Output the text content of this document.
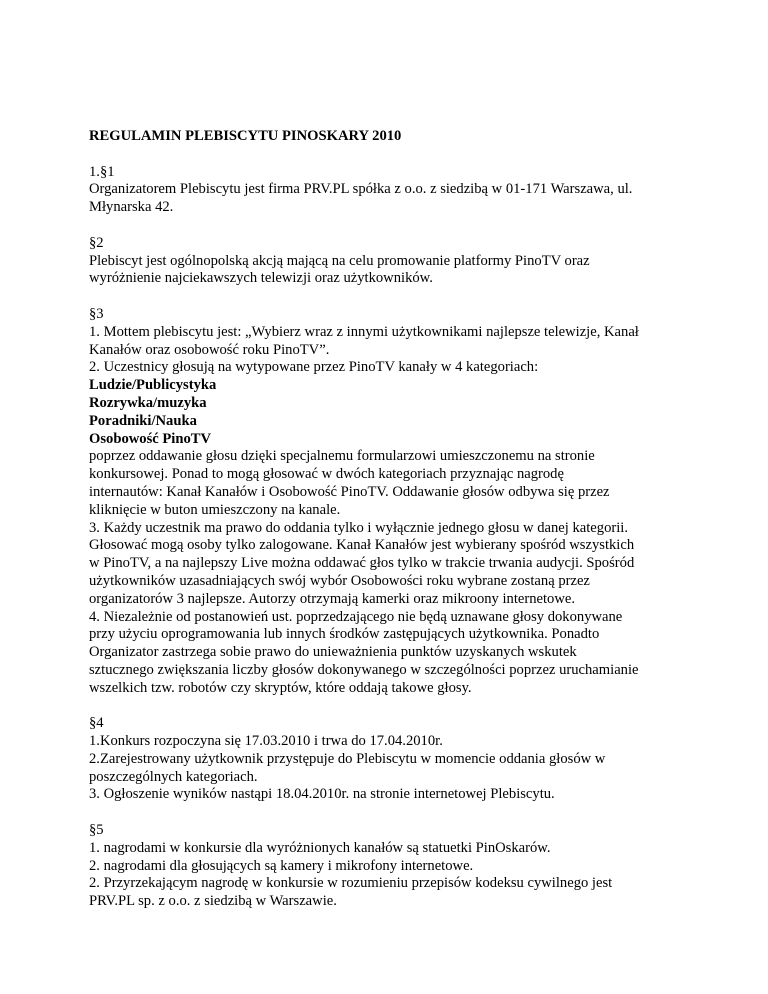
REGULAMIN PLEBISCYTU PINOSKARY 2010
1.§1
Organizatorem Plebiscytu jest firma PRV.PL spółka z o.o. z siedzibą w 01-171 Warszawa, ul.
Młynarska 42.
§2
Plebiscyt jest ogólnopolską akcją mającą na celu promowanie platformy PinoTV oraz
wyróżnienie najciekawszych telewizji oraz użytkowników.
§3
1. Mottem plebiscytu jest: „Wybierz wraz z innymi użytkownikami najlepsze telewizje, Kanał
Kanałów oraz osobowość roku PinoTV”.
2. Uczestnicy głosują na wytypowane przez PinoTV kanały w 4 kategoriach:
Ludzie/Publicystyka
Rozrywka/muzyka
Poradniki/Nauka
Osobowość PinoTV
poprzez oddawanie głosu dzięki specjalnemu formularzowi umieszczonemu na stronie
konkursowej. Ponad to mogą głosować w dwóch kategoriach przyznając nagrodę
internautów: Kanał Kanałów i Osobowość PinoTV. Oddawanie głosów odbywa się przez
kliknięcie w buton umieszczony na kanale.
3. Każdy uczestnik ma prawo do oddania tylko i wyłącznie jednego głosu w danej kategorii.
Głosować mogą osoby tylko zalogowane. Kanał Kanałów jest wybierany spośród wszystkich
w PinoTV, a na najlepszy Live można oddawać głos tylko w trakcie trwania audycji. Spośród
użytkowników uzasadniających swój wybór Osobowości roku wybrane zostaną przez
organizatorów 3 najlepsze. Autorzy otrzymają kamerki oraz mikroony internetowe.
4. Niezależnie od postanowień ust. poprzedzającego nie będą uznawane głosy dokonywane
przy użyciu oprogramowania lub innych środków zastępujących użytkownika. Ponadto
Organizator zastrzega sobie prawo do unieważnienia punktów uzyskanych wskutek
sztucznego zwiększania liczby głosów dokonywanego w szczególności poprzez uruchamianie
wszelkich tzw. robotów czy skryptów, które oddają takowe głosy.
§4
1.Konkurs rozpoczyna się 17.03.2010 i trwa do 17.04.2010r.
2.Zarejestrowany użytkownik przystępuje do Plebiscytu w momencie oddania głosów w
poszczególnych kategoriach.
3. Ogłoszenie wyników nastąpi 18.04.2010r. na stronie internetowej Plebiscytu.
§5
1. nagrodami w konkursie dla wyróżnionych kanałów są statuetki PinOskarów.
2. nagrodami dla głosujących są kamery i mikrofony internetowe.
2. Przyrzekającym nagrodę w konkursie w rozumieniu przepisów kodeksu cywilnego jest
PRV.PL sp. z o.o. z siedzibą w Warszawie.
